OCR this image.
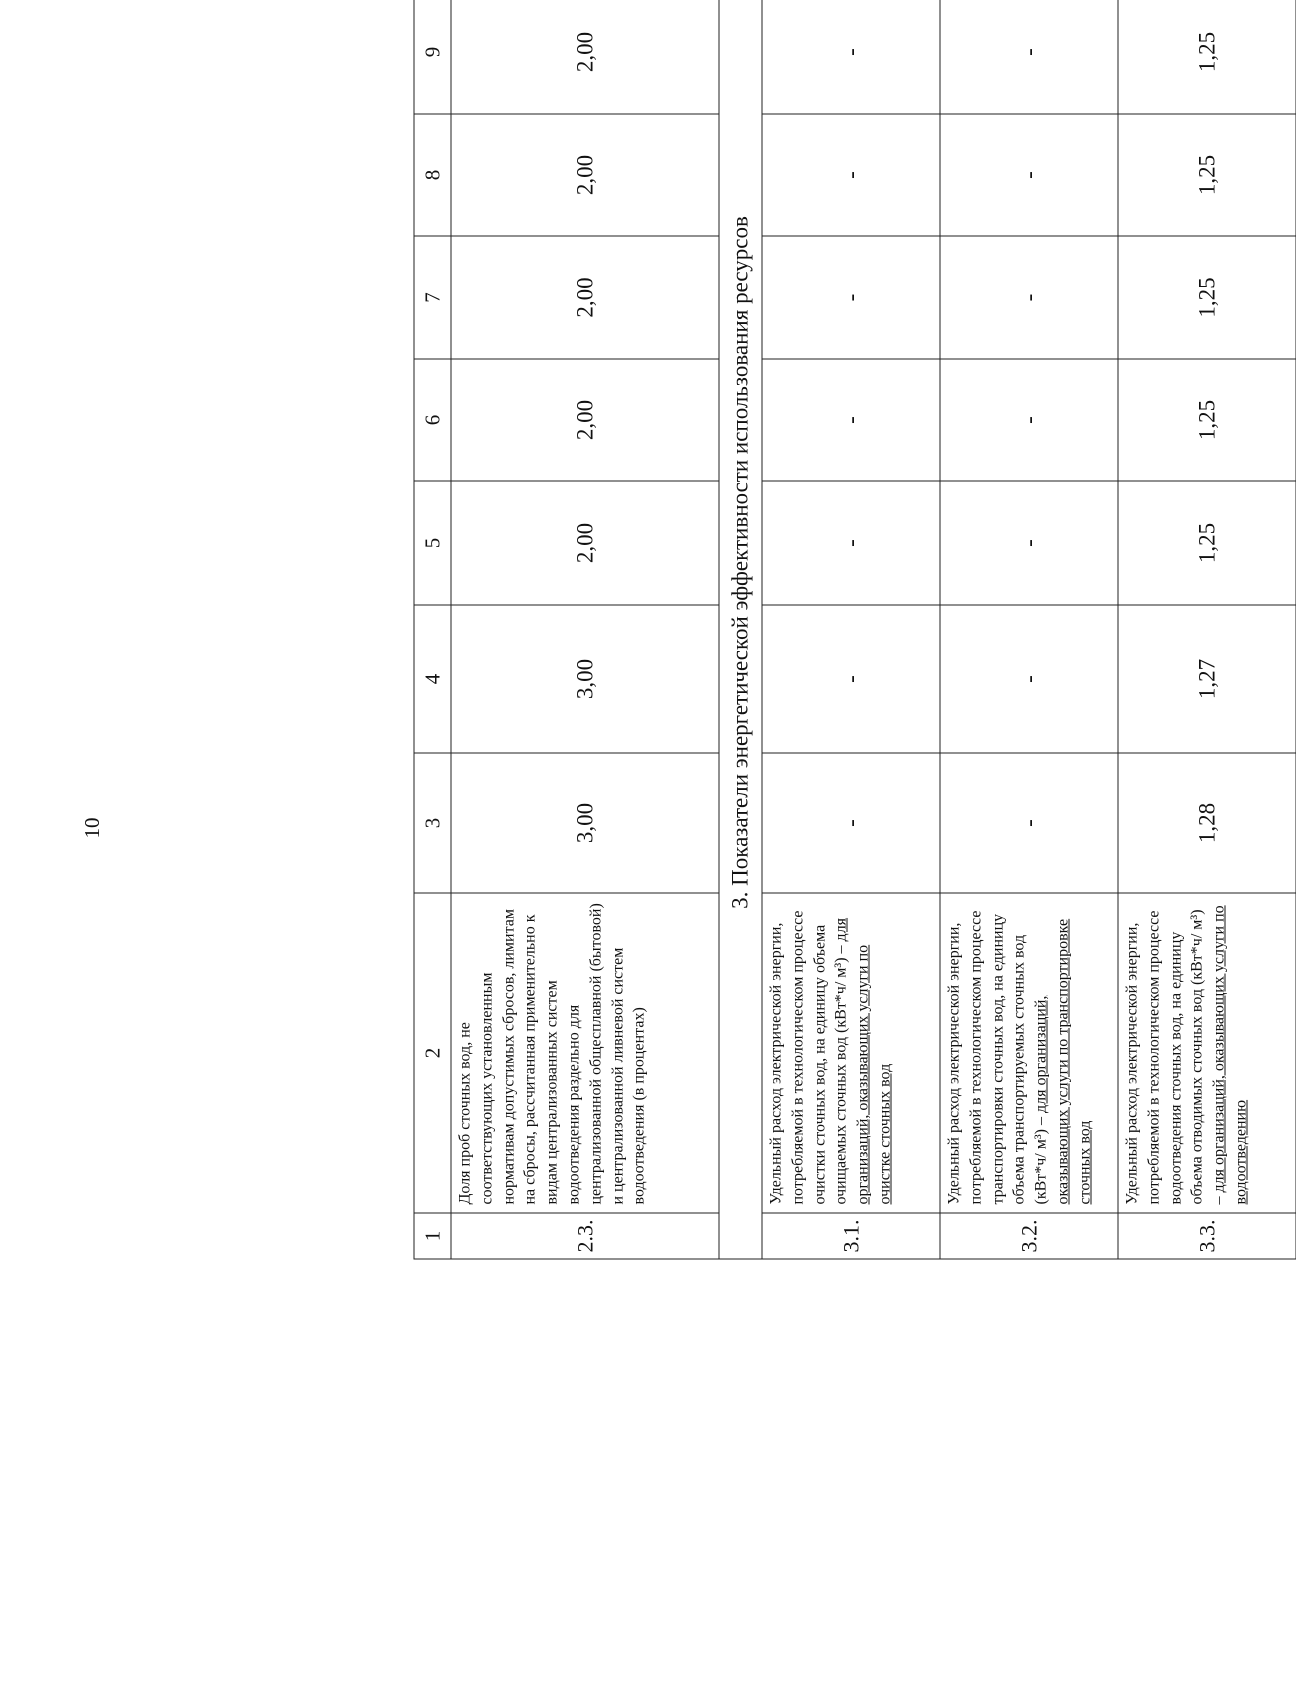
10
1	2	3	4	5	6	7	8	9	
2.3.	Доля проб сточных вод, не соответствующих установленным нормативам допустимых сбросов, лимитам на сбросы, рассчитанная применительно к видам централизованных систем водоотведения раздельно для централизованной общесплавной (бытовой) и централизованной ливневой систем водоотведения (в процентах)	3,00	3,00	2,00	2,00	2,00	2,00	2,00	
3. Показатели энергетической эффективности использования ресурсов									
3.1.	Удельный расход электрической энергии, потребляемой в технологическом процессе очистки сточных вод, на единицу объема очищаемых сточных вод (кВт*ч/ м³) – для организаций, оказывающих услуги по очистке сточных вод	-	-	-	-	-	-	-	
3.2.	Удельный расход электрической энергии, потребляемой в технологическом процессе транспортировки сточных вод, на единицу объема транспортируемых сточных вод (кВт*ч/ м³) – для организаций, оказывающих услуги по транспортировке сточных вод	-	-	-	-	-	-	-	
3.3.	Удельный расход электрической энергии, потребляемой в технологическом процессе водоотведения сточных вод, на единицу объема отводимых сточных вод (кВт*ч/ м³) – для организаций, оказывающих услуги по водоотведению	1,28	1,27	1,25	1,25	1,25	1,25	1,25	
